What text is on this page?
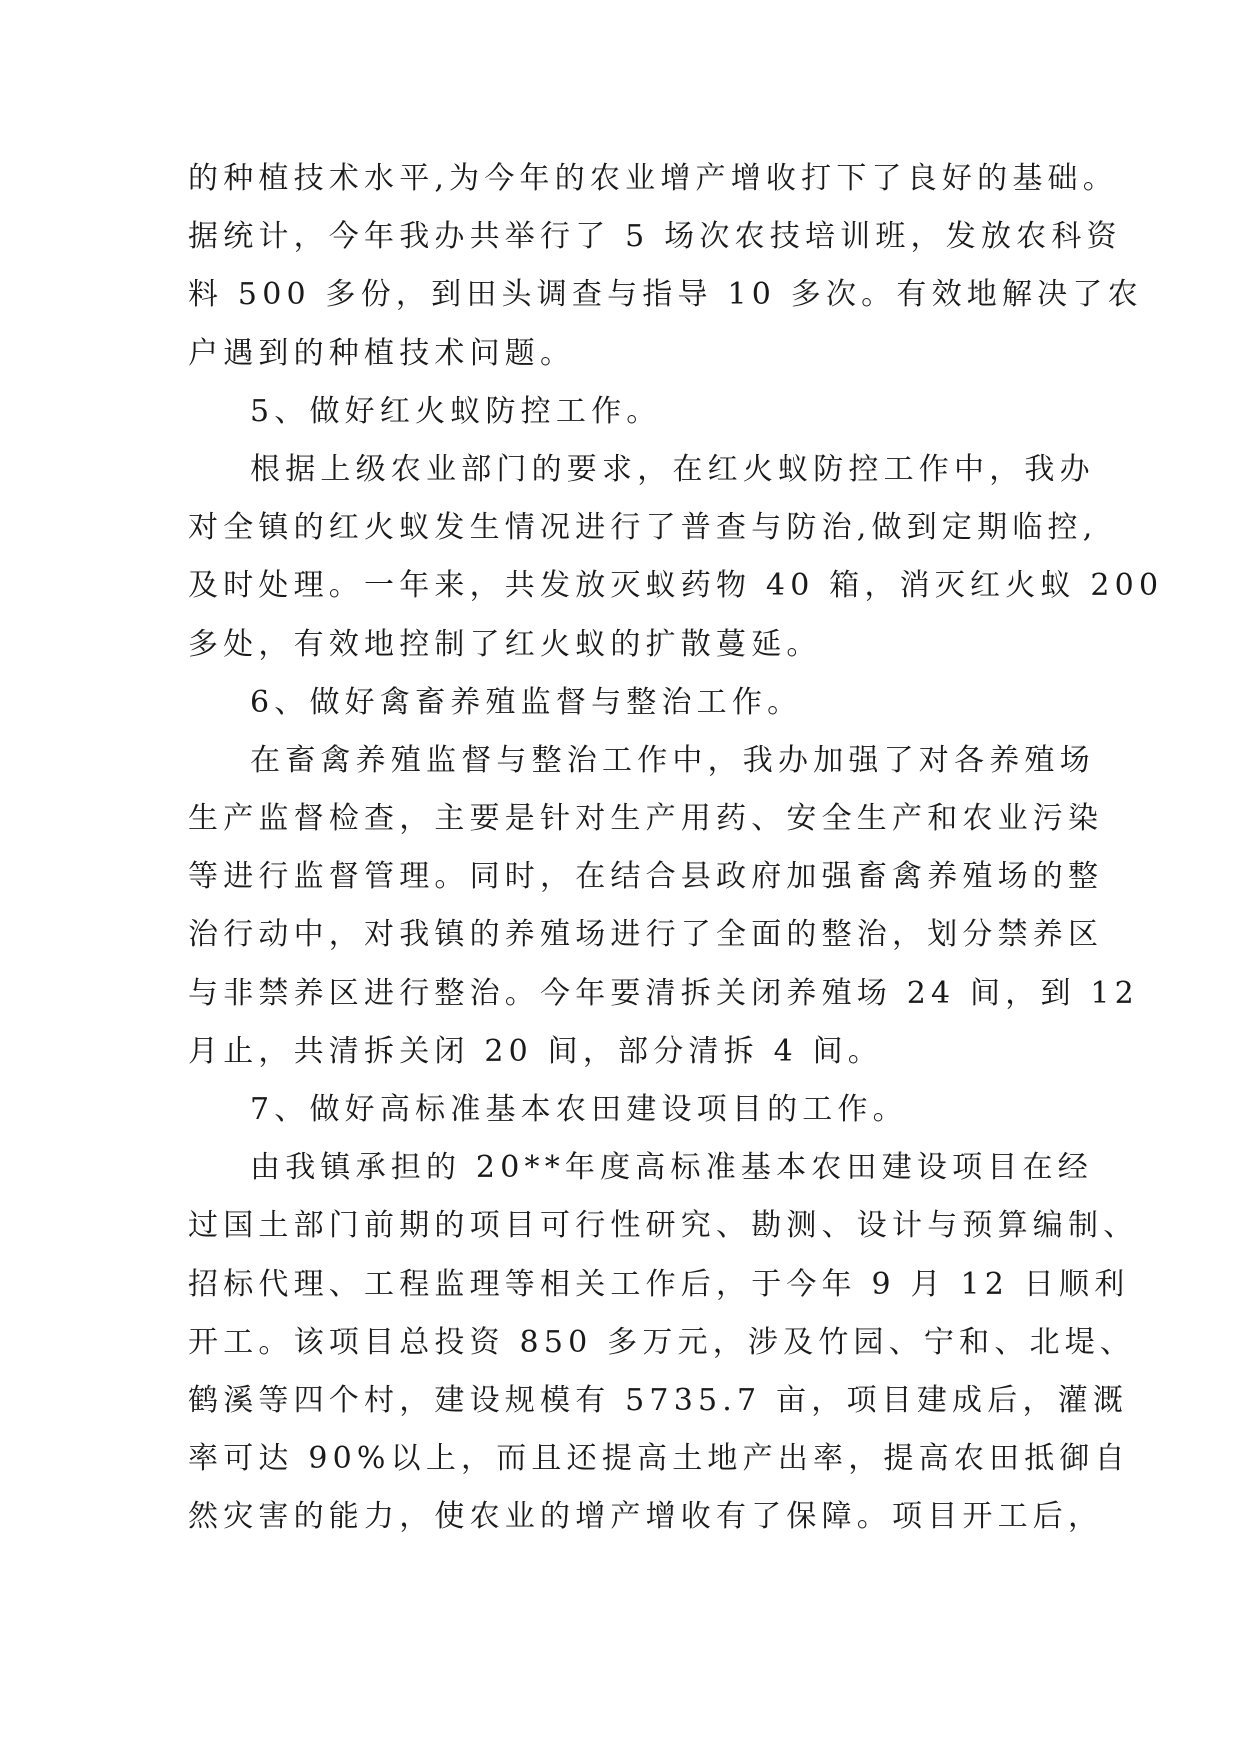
的种植技术水平,为今年的农业增产增收打下了良好的基础。
据统计，今年我办共举行了 5 场次农技培训班，发放农科资
料 500 多份，到田头调查与指导 10 多次。有效地解决了农
户遇到的种植技术问题。
5、做好红火蚁防控工作。
根据上级农业部门的要求，在红火蚁防控工作中，我办
对全镇的红火蚁发生情况进行了普查与防治,做到定期临控,
及时处理。一年来，共发放灭蚁药物 40 箱，消灭红火蚁 200
多处，有效地控制了红火蚁的扩散蔓延。
6、做好禽畜养殖监督与整治工作。
在畜禽养殖监督与整治工作中，我办加强了对各养殖场
生产监督检查，主要是针对生产用药、安全生产和农业污染
等进行监督管理。同时，在结合县政府加强畜禽养殖场的整
治行动中，对我镇的养殖场进行了全面的整治，划分禁养区
与非禁养区进行整治。今年要清拆关闭养殖场 24 间，到 12
月止，共清拆关闭 20 间，部分清拆 4 间。
7、做好高标准基本农田建设项目的工作。
由我镇承担的 20**年度高标准基本农田建设项目在经
过国土部门前期的项目可行性研究、勘测、设计与预算编制、
招标代理、工程监理等相关工作后，于今年 9 月 12 日顺利
开工。该项目总投资 850 多万元，涉及竹园、宁和、北堤、
鹤溪等四个村，建设规模有 5735.7 亩，项目建成后，灌溉
率可达 90%以上，而且还提高土地产出率，提高农田抵御自
然灾害的能力，使农业的增产增收有了保障。项目开工后，
